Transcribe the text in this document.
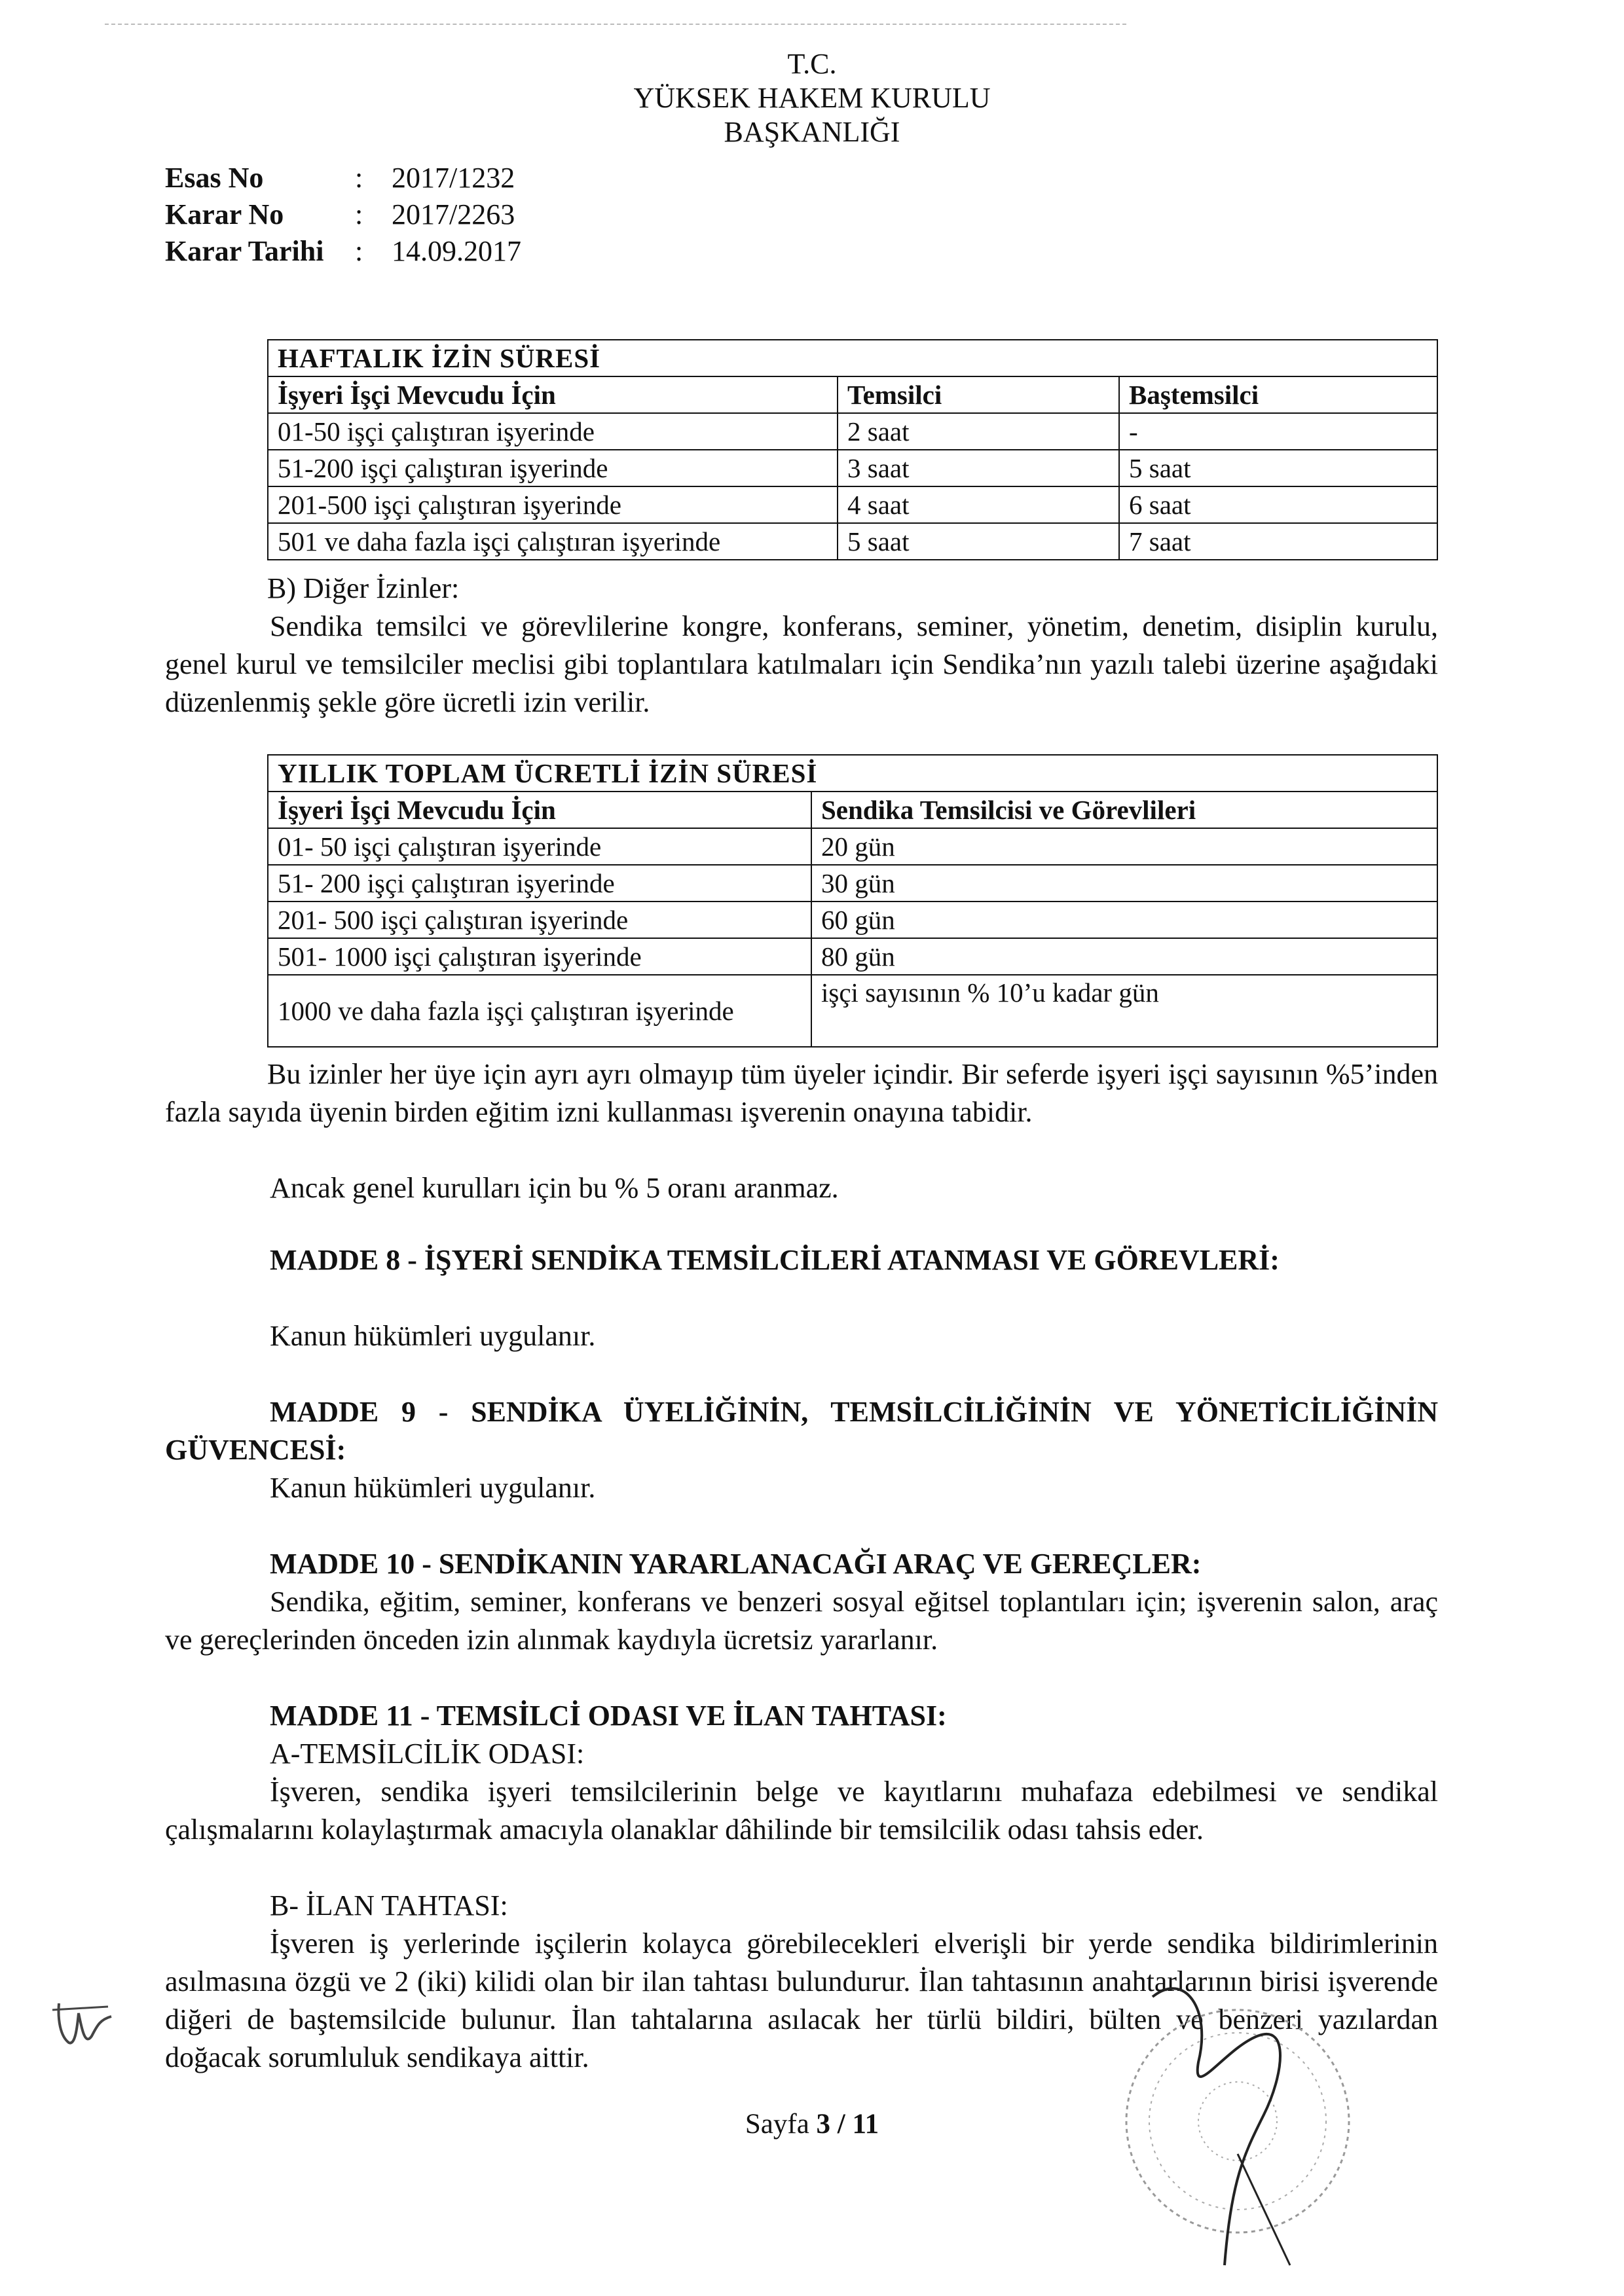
T.C.
YÜKSEK HAKEM KURULU
BAŞKANLIĞI
Esas No	: 2017/1232
Karar No : 2017/2263
Karar Tarihi : 14.09.2017
HAFTALIK İZİN SÜRESİ		
İşyeri İşçi Mevcudu İçin	Temsilci	Baştemsilci
01-50 işçi çalıştıran işyerinde	2 saat	-
51-200 işçi çalıştıran işyerinde	3 saat	5 saat
201-500 işçi çalıştıran işyerinde	4 saat	6 saat
501 ve daha fazla işçi çalıştıran işyerinde	5 saat	7 saat
B) Diğer İzinler:
Sendika temsilci ve görevlilerine kongre, konferans, seminer, yönetim, denetim, disiplin kurulu, genel kurul ve temsilciler meclisi gibi toplantılara katılmaları için Sendika’nın yazılı talebi üzerine aşağıdaki düzenlenmiş şekle göre ücretli izin verilir.
YILLIK TOPLAM ÜCRETLİ İZİN SÜRESİ	
İşyeri İşçi Mevcudu İçin	Sendika Temsilcisi ve Görevlileri
01- 50 işçi çalıştıran işyerinde	20 gün
51- 200 işçi çalıştıran işyerinde	30 gün
201- 500 işçi çalıştıran işyerinde	60 gün
501- 1000 işçi çalıştıran işyerinde	80 gün
1000 ve daha fazla işçi çalıştıran işyerinde	işçi sayısının % 10’u kadar gün
Bu izinler her üye için ayrı ayrı olmayıp tüm üyeler içindir. Bir seferde işyeri işçi sayısının %5’inden fazla sayıda üyenin birden eğitim izni kullanması işverenin onayına tabidir.
Ancak genel kurulları için bu % 5 oranı aranmaz.
MADDE 8 - İŞYERİ SENDİKA TEMSİLCİLERİ ATANMASI VE GÖREVLERİ:
Kanun hükümleri uygulanır.
MADDE 9 - SENDİKA ÜYELİĞİNİN, TEMSİLCİLİĞİNİN VE YÖNETİCİLİĞİNİN GÜVENCESİ:
Kanun hükümleri uygulanır.
MADDE 10 - SENDİKANIN YARARLANACAĞI ARAÇ VE GEREÇLER:
Sendika, eğitim, seminer, konferans ve benzeri sosyal eğitsel toplantıları için; işverenin salon, araç ve gereçlerinden önceden izin alınmak kaydıyla ücretsiz yararlanır.
MADDE 11 - TEMSİLCİ ODASI VE İLAN TAHTASI:
A-TEMSİLCİLİK ODASI:
İşveren, sendika işyeri temsilcilerinin belge ve kayıtlarını muhafaza edebilmesi ve sendikal çalışmalarını kolaylaştırmak amacıyla olanaklar dâhilinde bir temsilcilik odası tahsis eder.
B- İLAN TAHTASI:
İşveren iş yerlerinde işçilerin kolayca görebilecekleri elverişli bir yerde sendika bildirimlerinin asılmasına özgü ve 2 (iki) kilidi olan bir ilan tahtası bulundurur. İlan tahtasının anahtarlarının birisi işverende diğeri de baştemsilcide bulunur. İlan tahtalarına asılacak her türlü bildiri, bülten ve benzeri yazılardan doğacak sorumluluk sendikaya aittir.
Sayfa 3 / 11
